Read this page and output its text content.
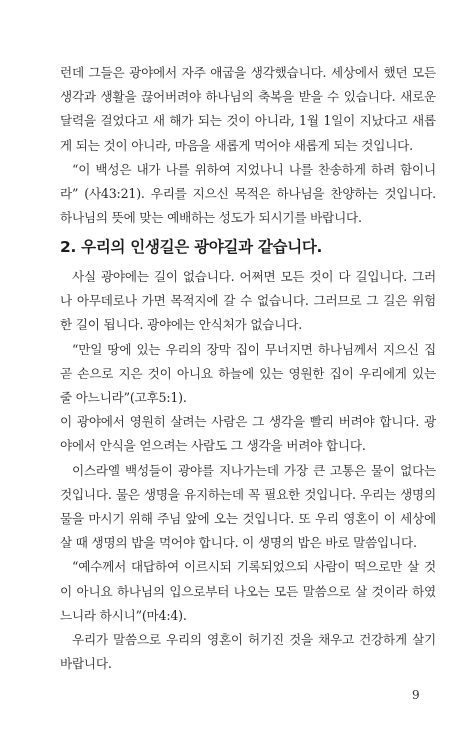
런데 그들은 광야에서 자주 애굽을 생각했습니다. 세상에서 했던 모든 생각과 생활을 끊어버려야 하나님의 축복을 받을 수 있습니다. 새로운 달력을 걸었다고 새 해가 되는 것이 아니라, 1월 1일이 지났다고 새롭게 되는 것이 아니라, 마음을 새롭게 먹어야 새롭게 되는 것입니다.

“이 백성은 내가 나를 위하여 지었나니 나를 찬송하게 하려 함이니라” (사43:21). 우리를 지으신 목적은 하나님을 찬양하는 것입니다. 하나님의 뜻에 맞는 예배하는 성도가 되시기를 바랍니다.

2. 우리의 인생길은 광야길과 같습니다.

사실 광야에는 길이 없습니다. 어쩌면 모든 것이 다 길입니다. 그러나 아무데로나 가면 목적지에 갈 수 없습니다. 그러므로 그 길은 위험한 길이 됩니다. 광야에는 안식처가 없습니다.

“만일 땅에 있는 우리의 장막 집이 무너지면 하나님께서 지으신 집 곧 손으로 지은 것이 아니요 하늘에 있는 영원한 집이 우리에게 있는 줄 아느니라”(고후5:1).

이 광야에서 영원히 살려는 사람은 그 생각을 빨리 버려야 합니다. 광야에서 안식을 얻으려는 사람도 그 생각을 버려야 합니다.

이스라엘 백성들이 광야를 지나가는데 가장 큰 고통은 물이 없다는 것입니다. 물은 생명을 유지하는데 꼭 필요한 것입니다. 우리는 생명의 물을 마시기 위해 주님 앞에 오는 것입니다. 또 우리 영혼이 이 세상에 살 때 생명의 밥을 먹어야 합니다. 이 생명의 밥은 바로 말씀입니다.

“예수께서 대답하여 이르시되 기록되었으되 사람이 떡으로만 살 것이 아니요 하나님의 입으로부터 나오는 모든 말씀으로 살 것이라 하였느니라 하시니”(마4:4).

우리가 말씀으로 우리의 영혼이 허기진 것을 채우고 건강하게 살기 바랍니다.

9
